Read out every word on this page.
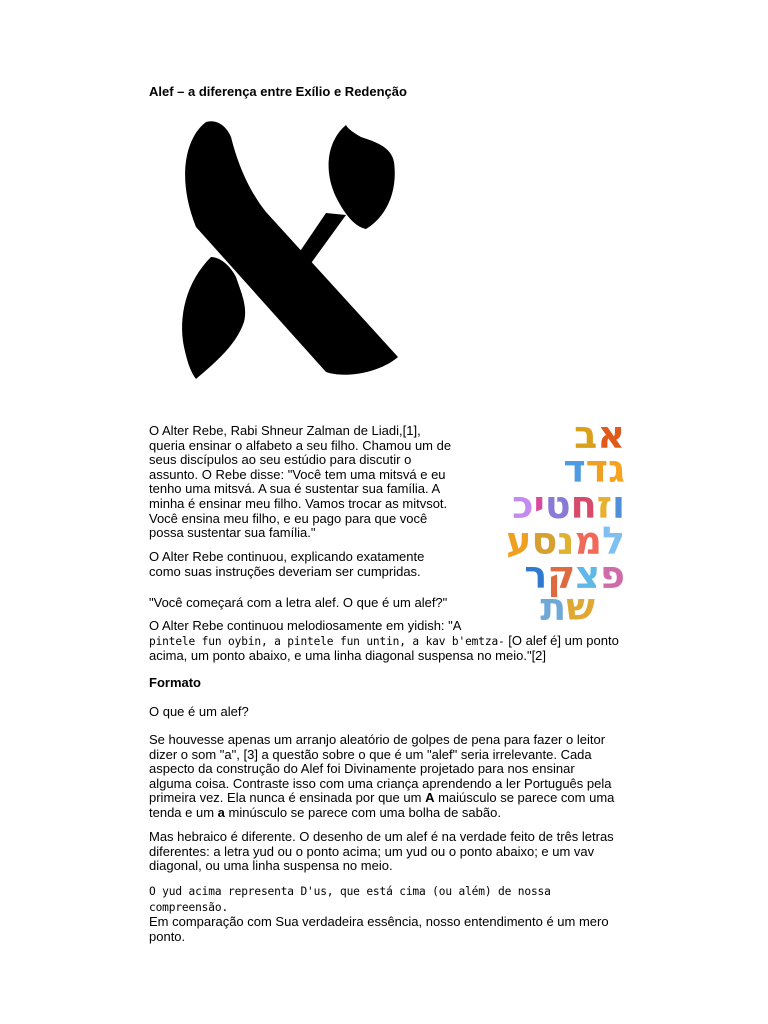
Alef – a diferença entre Exílio e Redenção
אב
גדד
וזחטיכ
למנסע
פצקר
שת

O Alter Rebe, Rabi Shneur Zalman de Liadi,[1], queria ensinar o alfabeto a seu filho. Chamou um de seus discípulos ao seu estúdio para discutir o assunto. O Rebe disse: "Você tem uma mitsvá e eu tenho uma mitsvá. A sua é sustentar sua família. A minha é ensinar meu filho. Vamos trocar as mitvsot. Você ensina meu filho, e eu pago para que você possa sustentar sua família."

O Alter Rebe continuou, explicando exatamente como suas instruções deveriam ser cumpridas.

"Você começará com a letra alef. O que é um alef?"

O Alter Rebe continuou melodiosamente em yidish: "A
pintele fun oybin, a pintele fun untin, a kav b'emtza- [O alef é] um ponto acima, um ponto abaixo, e uma linha diagonal suspensa no meio."[2]

Formato

O que é um alef?

Se houvesse apenas um arranjo aleatório de golpes de pena para fazer o leitor dizer o som "a", [3] a questão sobre o que é um "alef" seria irrelevante. Cada aspecto da construção do Alef foi Divinamente projetado para nos ensinar alguma coisa. Contraste isso com uma criança aprendendo a ler Português pela primeira vez. Ela nunca é ensinada por que um A maiúsculo se parece com uma tenda e um a minúsculo se parece com uma bolha de sabão.

Mas hebraico é diferente. O desenho de um alef é na verdade feito de três letras diferentes: a letra yud ou o ponto acima; um yud ou o ponto abaixo; e um vav diagonal, ou uma linha suspensa no meio.

O yud acima representa D'us, que está cima (ou além) de nossa compreensão.
Em comparação com Sua verdadeira essência, nosso entendimento é um mero ponto.
